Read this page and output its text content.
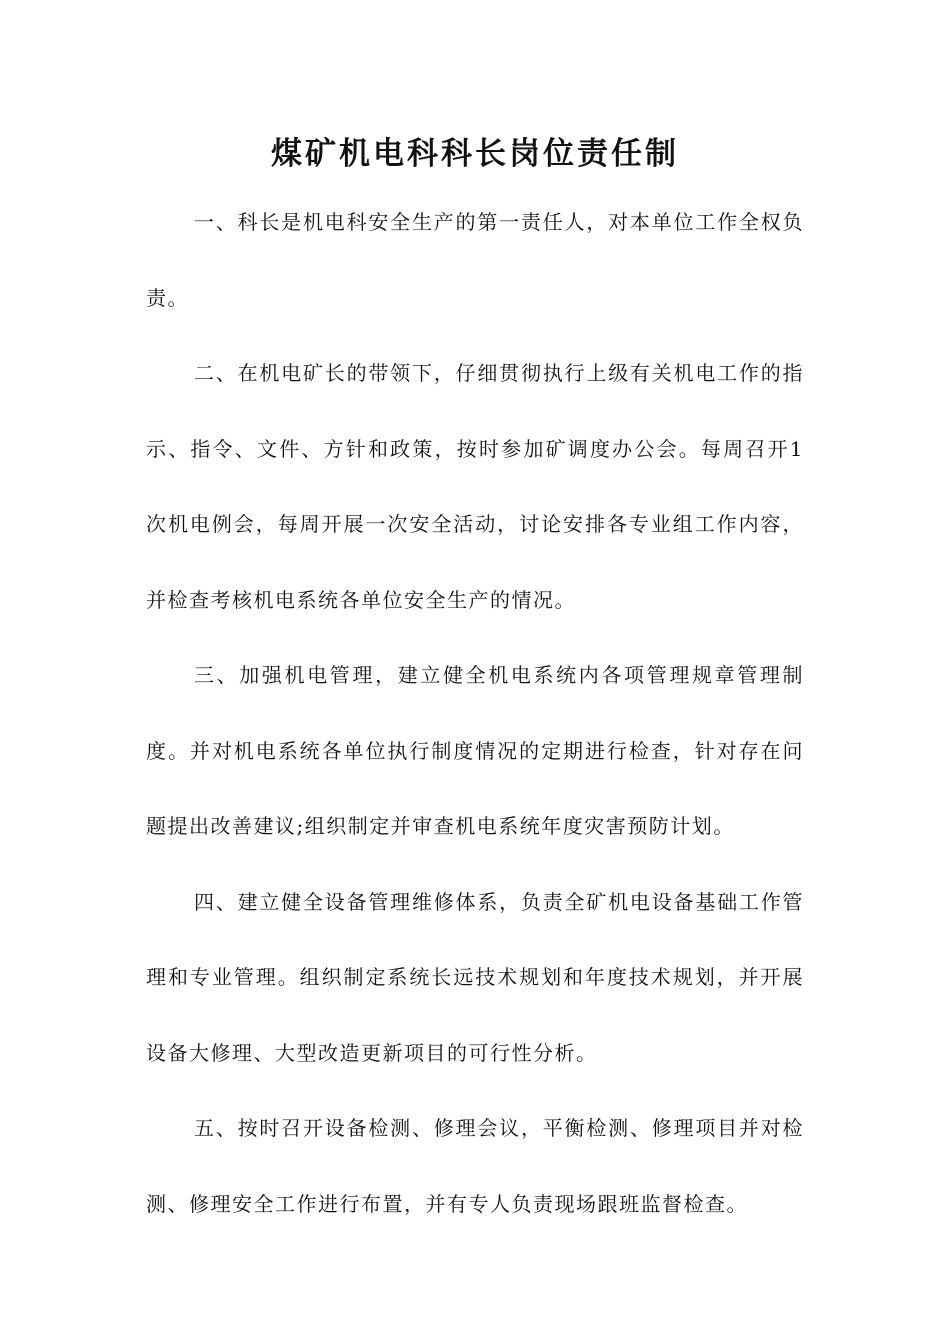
煤矿机电科科长岗位责任制

一、科长是机电科安全生产的第一责任人，对本单位工作全权负责。

二、在机电矿长的带领下，仔细贯彻执行上级有关机电工作的指示、指令、文件、方针和政策，按时参加矿调度办公会。每周召开1次机电例会，每周开展一次安全活动，讨论安排各专业组工作内容，并检查考核机电系统各单位安全生产的情况。

三、加强机电管理，建立健全机电系统内各项管理规章管理制度。并对机电系统各单位执行制度情况的定期进行检查，针对存在问题提出改善建议;组织制定并审查机电系统年度灾害预防计划。

四、建立健全设备管理维修体系，负责全矿机电设备基础工作管理和专业管理。组织制定系统长远技术规划和年度技术规划，并开展设备大修理、大型改造更新项目的可行性分析。

五、按时召开设备检测、修理会议，平衡检测、修理项目并对检测、修理安全工作进行布置，并有专人负责现场跟班监督检查。
